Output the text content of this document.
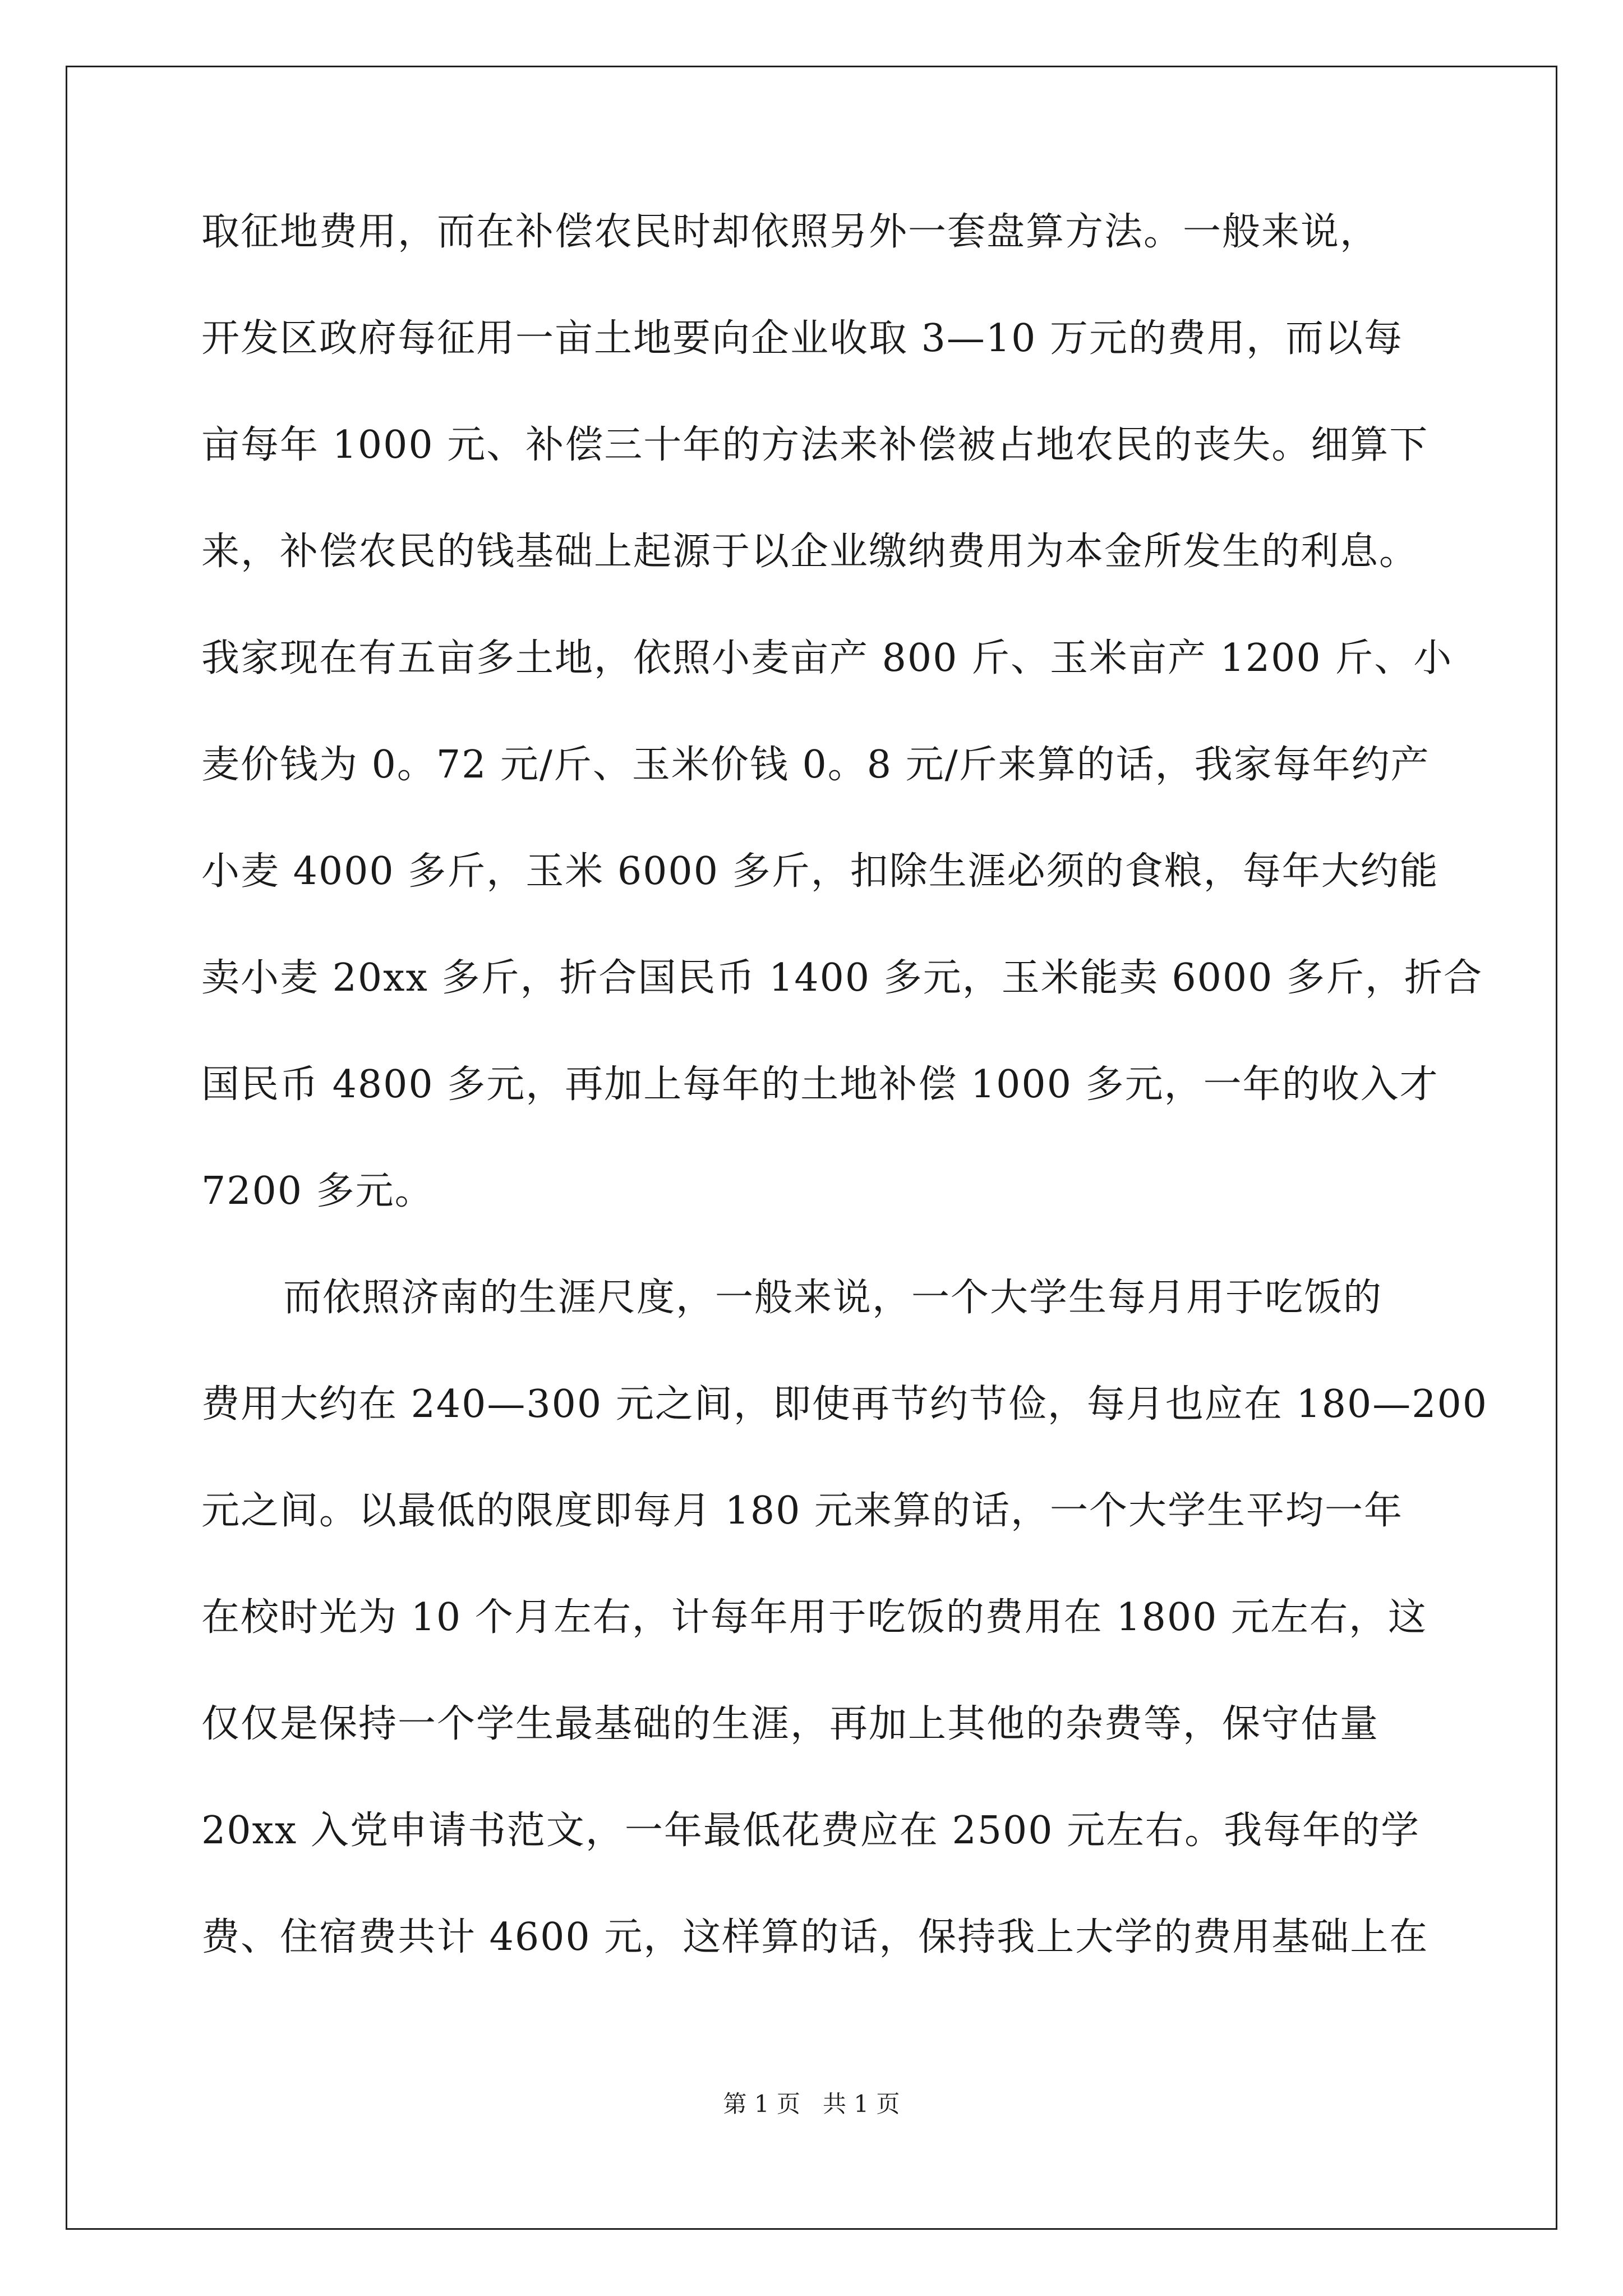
取征地费用，而在补偿农民时却依照另外一套盘算方法。一般来说，
开发区政府每征用一亩土地要向企业收取 3—10 万元的费用，而以每
亩每年 1000 元、补偿三十年的方法来补偿被占地农民的丧失。细算下
来，补偿农民的钱基础上起源于以企业缴纳费用为本金所发生的利息。
我家现在有五亩多土地，依照小麦亩产 800 斤、玉米亩产 1200 斤、小
麦价钱为 0。72 元/斤、玉米价钱 0。8 元/斤来算的话，我家每年约产
小麦 4000 多斤，玉米 6000 多斤，扣除生涯必须的食粮，每年大约能
卖小麦 20xx 多斤，折合国民币 1400 多元，玉米能卖 6000 多斤，折合
国民币 4800 多元，再加上每年的土地补偿 1000 多元，一年的收入才
7200 多元。
而依照济南的生涯尺度，一般来说，一个大学生每月用于吃饭的
费用大约在 240—300 元之间，即使再节约节俭，每月也应在 180—200
元之间。以最低的限度即每月 180 元来算的话，一个大学生平均一年
在校时光为 10 个月左右，计每年用于吃饭的费用在 1800 元左右，这
仅仅是保持一个学生最基础的生涯，再加上其他的杂费等，保守估量
20xx 入党申请书范文，一年最低花费应在 2500 元左右。我每年的学
费、住宿费共计 4600 元，这样算的话，保持我上大学的费用基础上在
第 1 页   共 1 页
